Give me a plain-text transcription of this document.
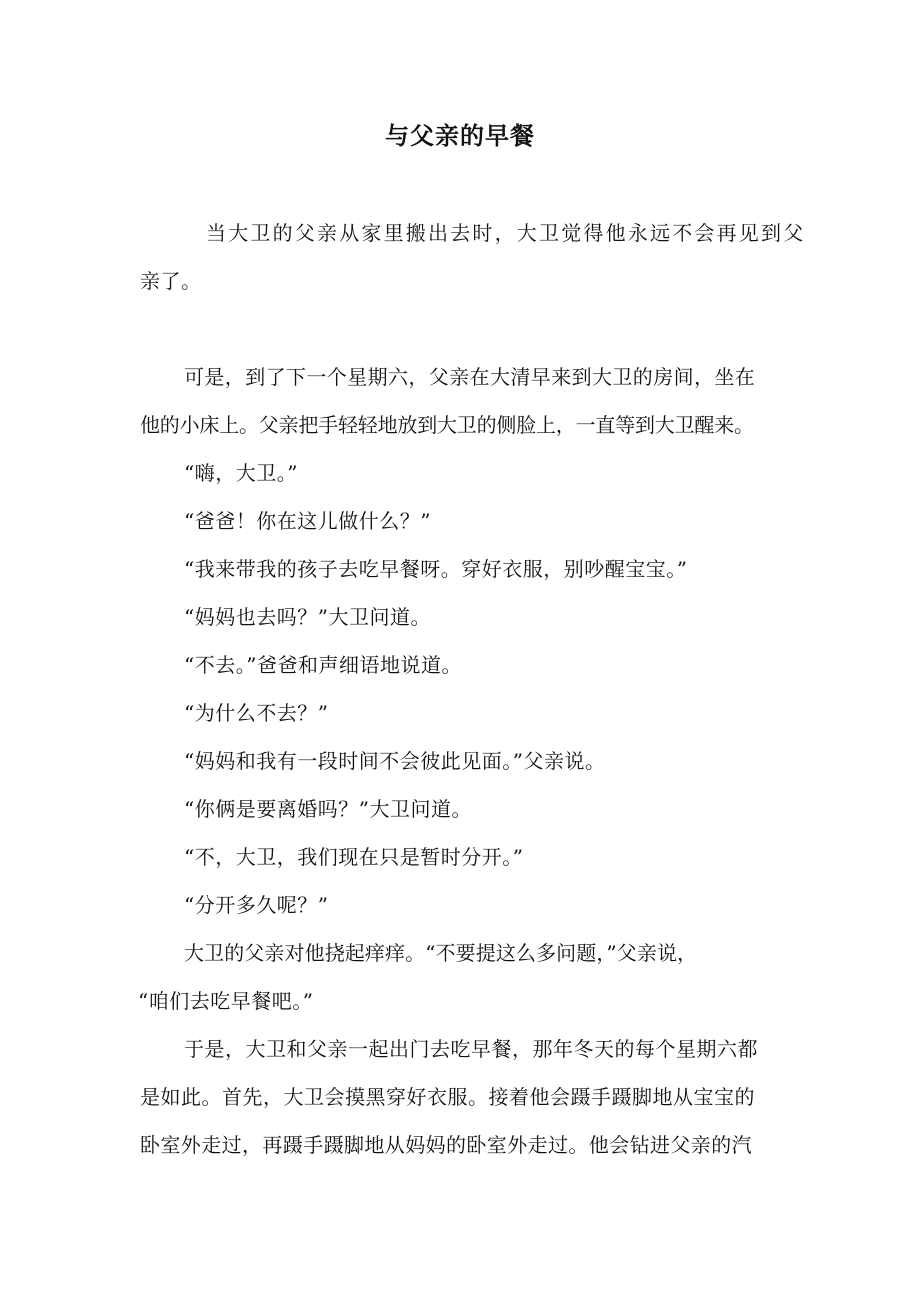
与父亲的早餐
当大卫的父亲从家里搬出去时，大卫觉得他永远不会再见到父
亲了。
可是，到了下一个星期六，父亲在大清早来到大卫的房间，坐在
他的小床上。父亲把手轻轻地放到大卫的侧脸上，一直等到大卫醒来。
“嗨，大卫。”
“爸爸！你在这儿做什么？”
“我来带我的孩子去吃早餐呀。穿好衣服，别吵醒宝宝。”
“妈妈也去吗？”大卫问道。
“不去。”爸爸和声细语地说道。
“为什么不去？”
“妈妈和我有一段时间不会彼此见面。”父亲说。
“你俩是要离婚吗？”大卫问道。
“不，大卫，我们现在只是暂时分开。”
“分开多久呢？”
大卫的父亲对他挠起痒痒。“不要提这么多问题，”父亲说，
“咱们去吃早餐吧。”
于是，大卫和父亲一起出门去吃早餐，那年冬天的每个星期六都
是如此。首先，大卫会摸黑穿好衣服。接着他会蹑手蹑脚地从宝宝的
卧室外走过，再蹑手蹑脚地从妈妈的卧室外走过。他会钻进父亲的汽
